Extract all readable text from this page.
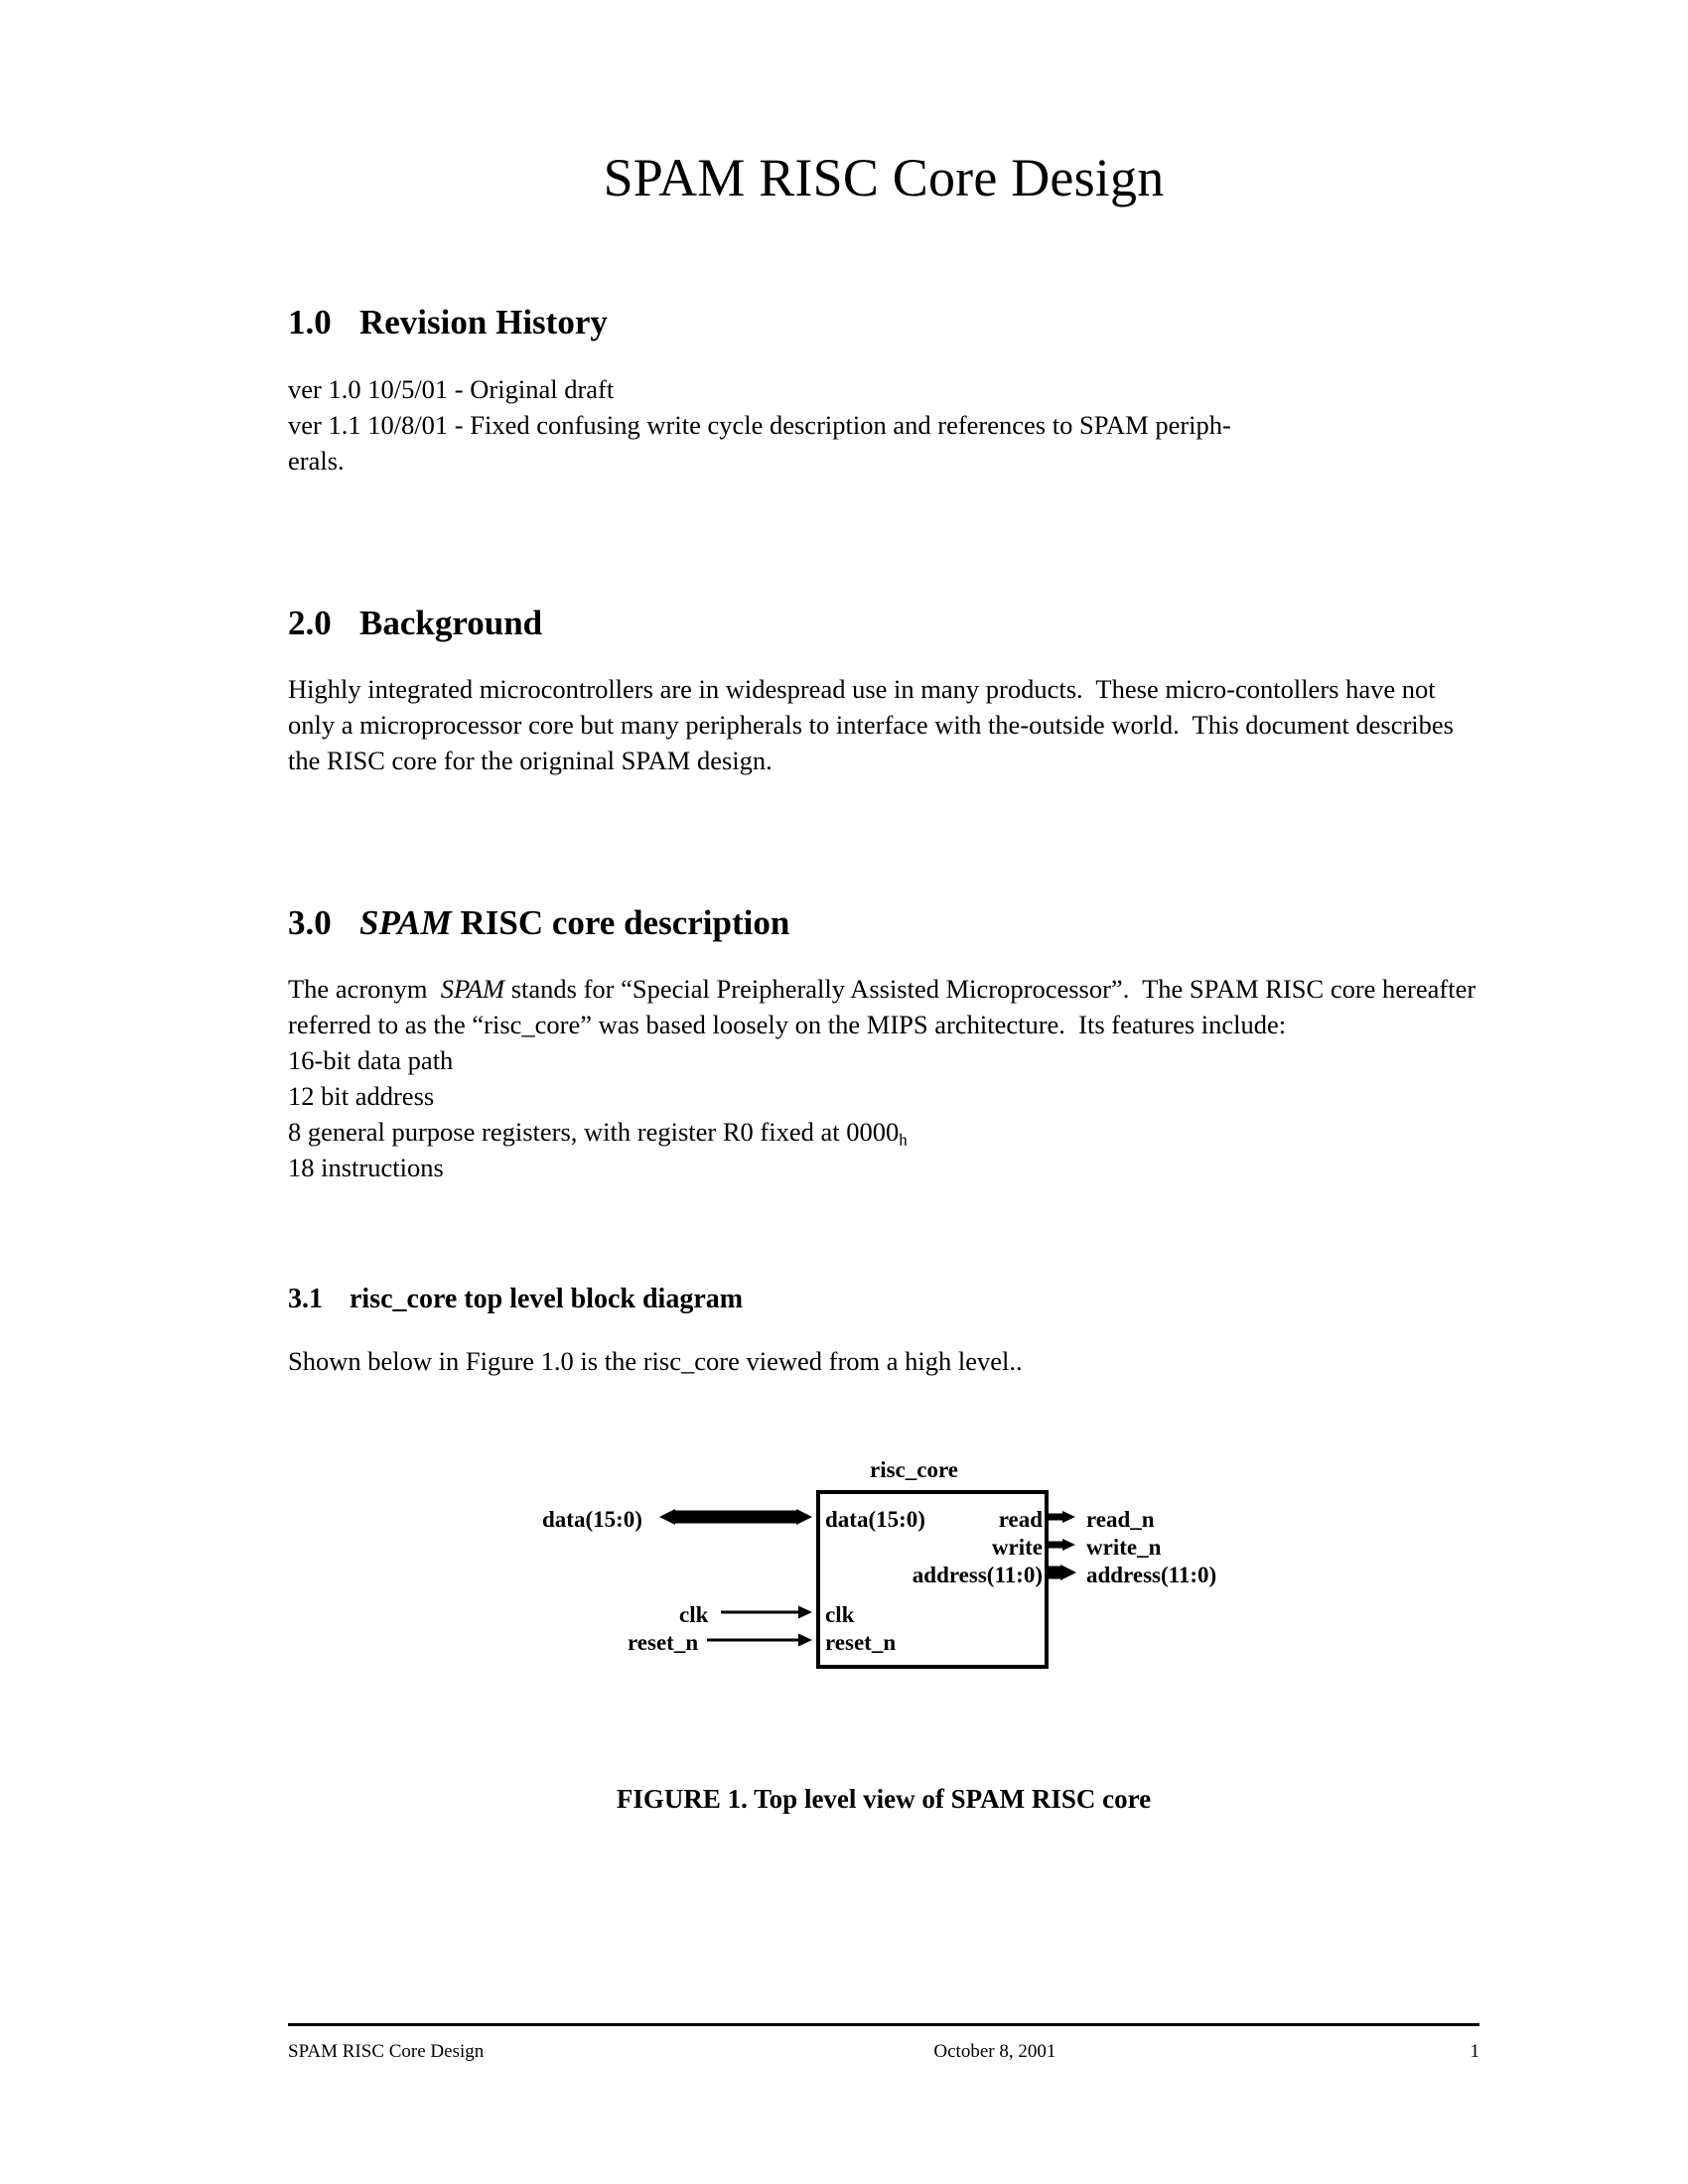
SPAM RISC Core Design
1.0 Revision History
ver 1.0 10/5/01 - Original draft
ver 1.1 10/8/01 - Fixed confusing write cycle description and references to SPAM periph-
erals.
2.0 Background
Highly integrated microcontrollers are in widespread use in many products.  These micro-contollers have not only a microprocessor core but many peripherals to interface with the-outside world.  This document describes the RISC core for the origninal SPAM design.
3.0 SPAM RISC core description
The acronym  SPAM stands for “Special Preipherally Assisted Microprocessor”.  The SPAM RISC core hereafter referred to as the “risc_core” was based loosely on the MIPS architecture.  Its features include:
16-bit data path
12 bit address
8 general purpose registers, with register R0 fixed at $0000_h$
18 instructions
3.1 risc_core top level block diagram
Shown below in Figure 1.0 is the risc_core viewed from a high level..
risc_core
data(15:0)
clk
reset_n
read
write
address(11:0)
data(15:0)
clk
reset_n
read_n
write_n
address(11:0)
FIGURE 1. Top level view of SPAM RISC core
SPAM RISC Core Design	October 8, 2001	1
